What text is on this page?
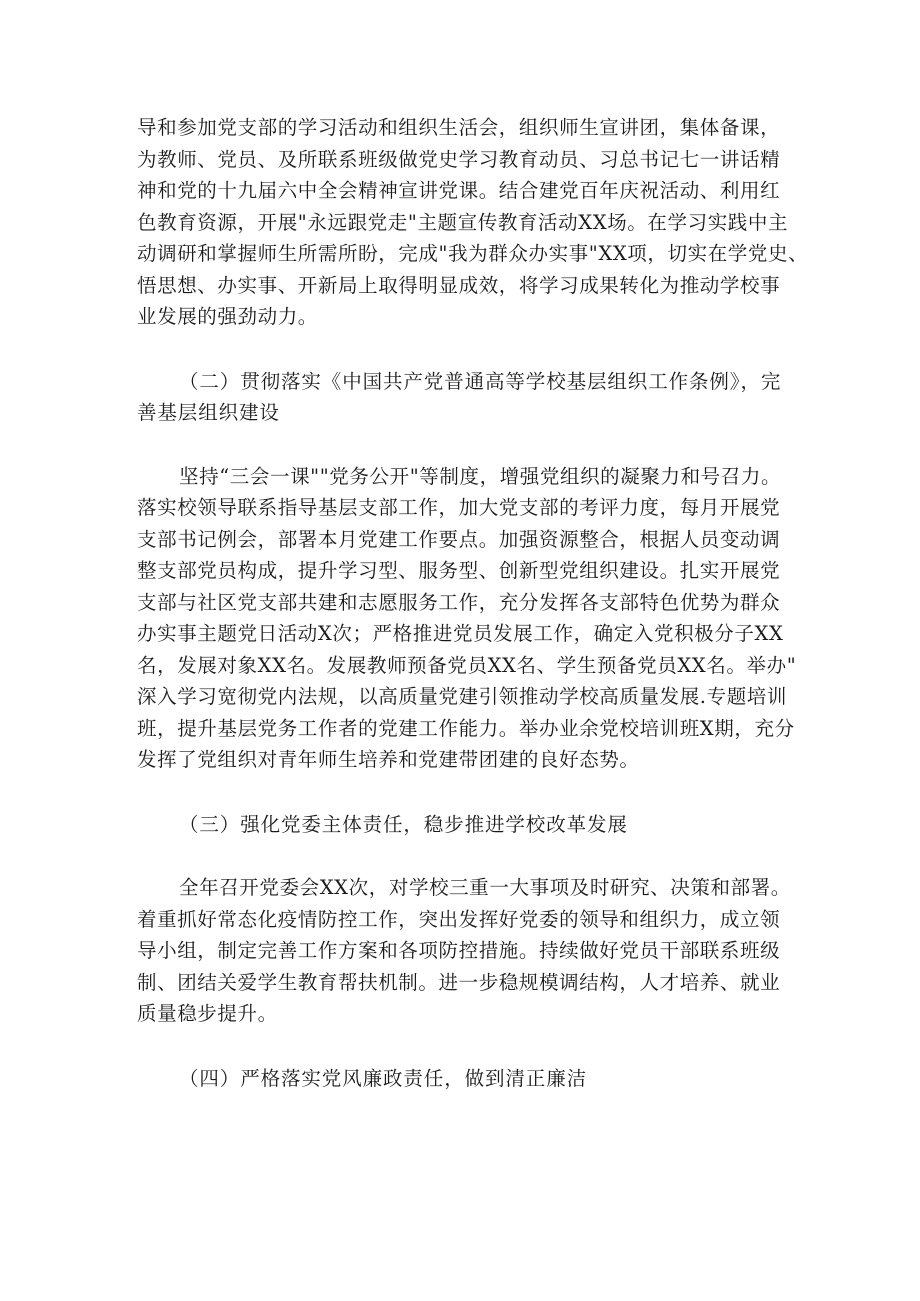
导和参加党支部的学习活动和组织生活会，组织师生宣讲团，集体备课，
为教师、党员、及所联系班级做党史学习教育动员、习总书记七一讲话精
神和党的十九届六中全会精神宣讲党课。结合建党百年庆祝活动、利用红
色教育资源，开展"永远跟党走"主题宣传教育活动XX场。在学习实践中主
动调研和掌握师生所需所盼，完成"我为群众办实事"XX项，切实在学党史、
悟思想、办实事、开新局上取得明显成效，将学习成果转化为推动学校事
业发展的强劲动力。
（二）贯彻落实《中国共产党普通高等学校基层组织工作条例》，完
善基层组织建设
坚持“三会一课""党务公开"等制度，增强党组织的凝聚力和号召力。
落实校领导联系指导基层支部工作，加大党支部的考评力度，每月开展党
支部书记例会，部署本月党建工作要点。加强资源整合，根据人员变动调
整支部党员构成，提升学习型、服务型、创新型党组织建设。扎实开展党
支部与社区党支部共建和志愿服务工作，充分发挥各支部特色优势为群众
办实事主题党日活动X次；严格推进党员发展工作，确定入党积极分子XX
名，发展对象XX名。发展教师预备党员XX名、学生预备党员XX名。举办"
深入学习宽彻党内法规，以高质量党建引领推动学校高质量发展.专题培训
班，提升基层党务工作者的党建工作能力。举办业余党校培训班X期，充分
发挥了党组织对青年师生培养和党建带团建的良好态势。
（三）强化党委主体责任，稳步推进学校改革发展
全年召开党委会XX次，对学校三重一大事项及时研究、决策和部署。
着重抓好常态化疫情防控工作，突出发挥好党委的领导和组织力，成立领
导小组，制定完善工作方案和各项防控措施。持续做好党员干部联系班级
制、团结关爱学生教育帮扶机制。进一步稳规模调结构，人才培养、就业
质量稳步提升。
（四）严格落实党风廉政责任，做到清正廉洁
